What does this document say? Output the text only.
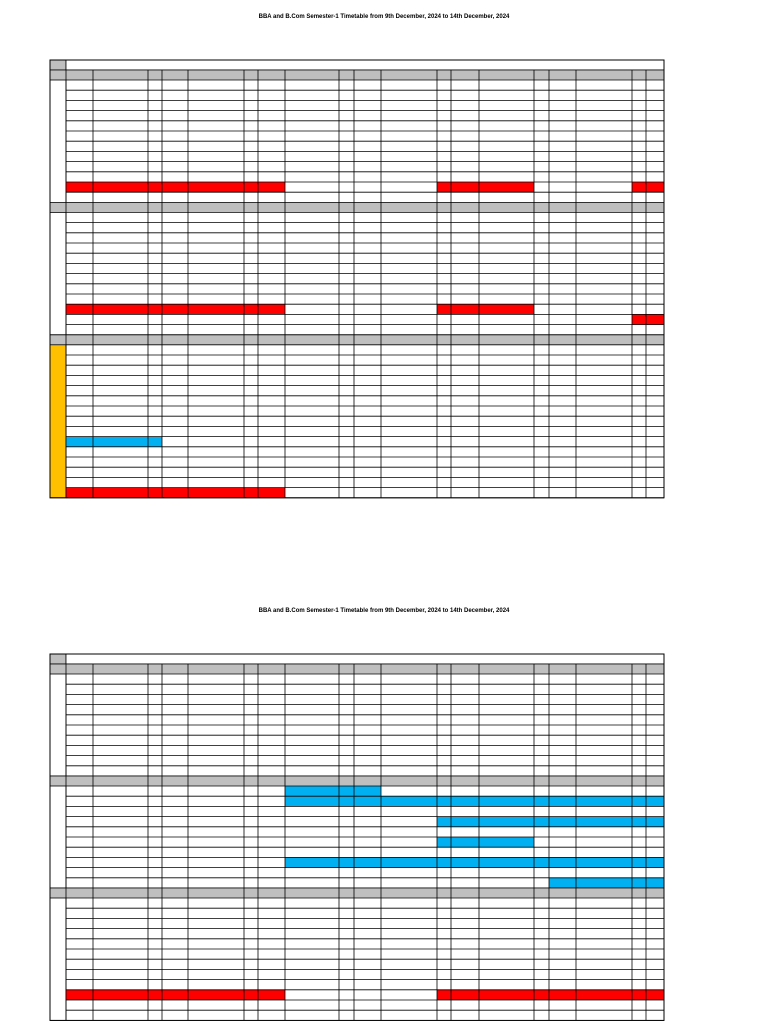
BBA and B.Com Semester-1 Timetable from 9th December, 2024 to 14th December, 2024
BBA and B.Com Semester-1 Timetable from 9th December, 2024 to 14th December, 2024
